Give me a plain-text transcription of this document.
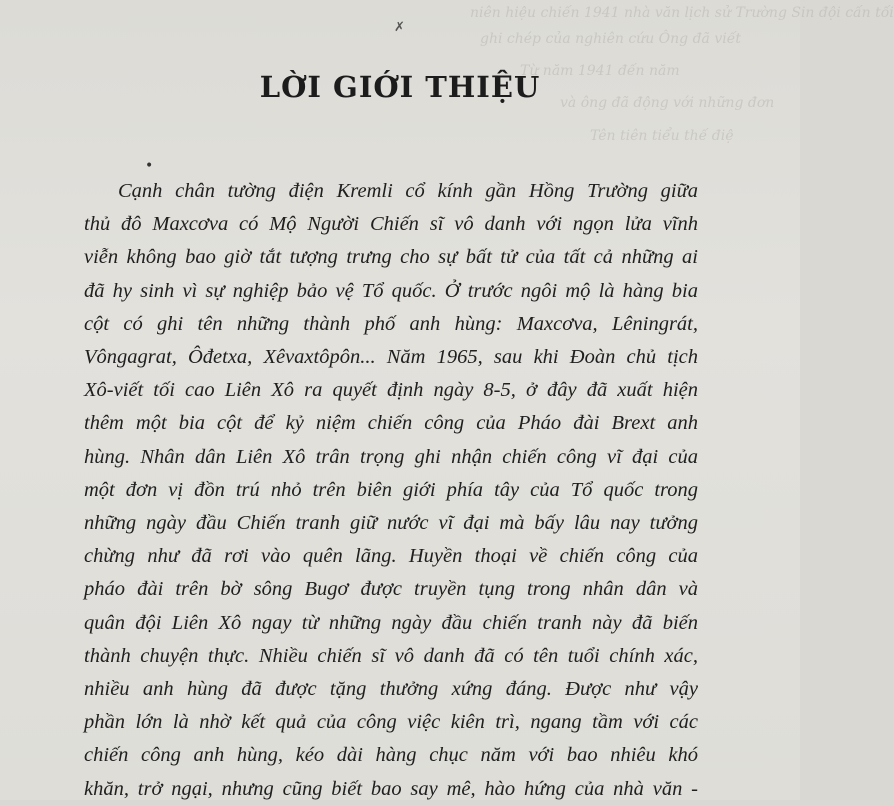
niên hiệu chiến 1941 nhà văn lịch sử Trường Sin đội cấn tối
ghi chép của nghiên cứu Ông đã viết
Từ năm 1941 đến năm
và ông đã động với những đơn
Tên tiên tiểu thế điệ
✗
LỜI GIỚI THIỆU
•
Cạnh chân tường điện Kremli cổ kính gần Hồng Trường giữa
thủ đô Maxcơva có Mộ Người Chiến sĩ vô danh với ngọn lửa vĩnh
viễn không bao giờ tắt tượng trưng cho sự bất tử của tất cả những ai
đã hy sinh vì sự nghiệp bảo vệ Tổ quốc. Ở trước ngôi mộ là hàng bia
cột có ghi tên những thành phố anh hùng: Maxcơva, Lêningrát,
Vôngagrat, Ôđetxa, Xêvaxtôpôn... Năm 1965, sau khi Đoàn chủ tịch
Xô-viết tối cao Liên Xô ra quyết định ngày 8-5, ở đây đã xuất hiện
thêm một bia cột để kỷ niệm chiến công của Pháo đài Brext anh
hùng. Nhân dân Liên Xô trân trọng ghi nhận chiến công vĩ đại của
một đơn vị đồn trú nhỏ trên biên giới phía tây của Tổ quốc trong
những ngày đầu Chiến tranh giữ nước vĩ đại mà bấy lâu nay tưởng
chừng như đã rơi vào quên lãng. Huyền thoại về chiến công của
pháo đài trên bờ sông Bugơ được truyền tụng trong nhân dân và
quân đội Liên Xô ngay từ những ngày đầu chiến tranh này đã biến
thành chuyện thực. Nhiều chiến sĩ vô danh đã có tên tuổi chính xác,
nhiều anh hùng đã được tặng thưởng xứng đáng. Được như vậy
phần lớn là nhờ kết quả của công việc kiên trì, ngang tầm với các
chiến công anh hùng, kéo dài hàng chục năm với bao nhiêu khó
khăn, trở ngại, nhưng cũng biết bao say mê, hào hứng của nhà văn -
